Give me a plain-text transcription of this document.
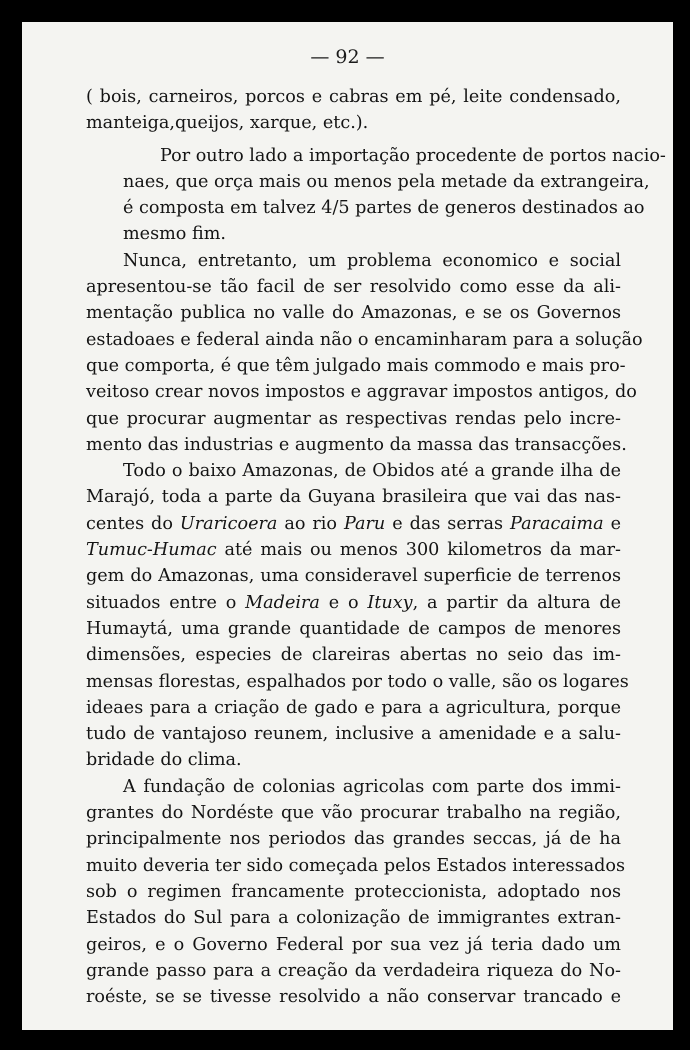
— 92 —

( bois, carneiros, porcos e cabras em pé, leite condensado,
manteiga,queijos, xarque, etc.).

Por outro lado a importação procedente de portos nacio-
naes, que orça mais ou menos pela metade da extrangeira,
é composta em talvez 4/5 partes de generos destinados ao
mesmo fim.

Nunca, entretanto, um problema economico e social
apresentou-se tão facil de ser resolvido como esse da ali-
mentação publica no valle do Amazonas, e se os Governos
estadoaes e federal ainda não o encaminharam para a solução
que comporta, é que têm julgado mais commodo e mais pro-
veitoso crear novos impostos e aggravar impostos antigos, do
que procurar augmentar as respectivas rendas pelo incre-
mento das industrias e augmento da massa das transacções.

Todo o baixo Amazonas, de Obidos até a grande ilha de
Marajó, toda a parte da Guyana brasileira que vai das nas-
centes do Uraricoera ao rio Paru e das serras Paracaima e
Tumuc-Humac até mais ou menos 300 kilometros da mar-
gem do Amazonas, uma consideravel superficie de terrenos
situados entre o Madeira e o Ituxy, a partir da altura de
Humaytá, uma grande quantidade de campos de menores
dimensões, especies de clareiras abertas no seio das im-
mensas florestas, espalhados por todo o valle, são os logares
ideaes para a criação de gado e para a agricultura, porque
tudo de vantajoso reunem, inclusive a amenidade e a salu-
bridade do clima.

A fundação de colonias agricolas com parte dos immi-
grantes do Nordéste que vão procurar trabalho na região,
principalmente nos periodos das grandes seccas, já de ha
muito deveria ter sido começada pelos Estados interessados
sob o regimen francamente proteccionista, adoptado nos
Estados do Sul para a colonização de immigrantes extran-
geiros, e o Governo Federal por sua vez já teria dado um
grande passo para a creação da verdadeira riqueza do No-
roéste, se se tivesse resolvido a não conservar trancado e
